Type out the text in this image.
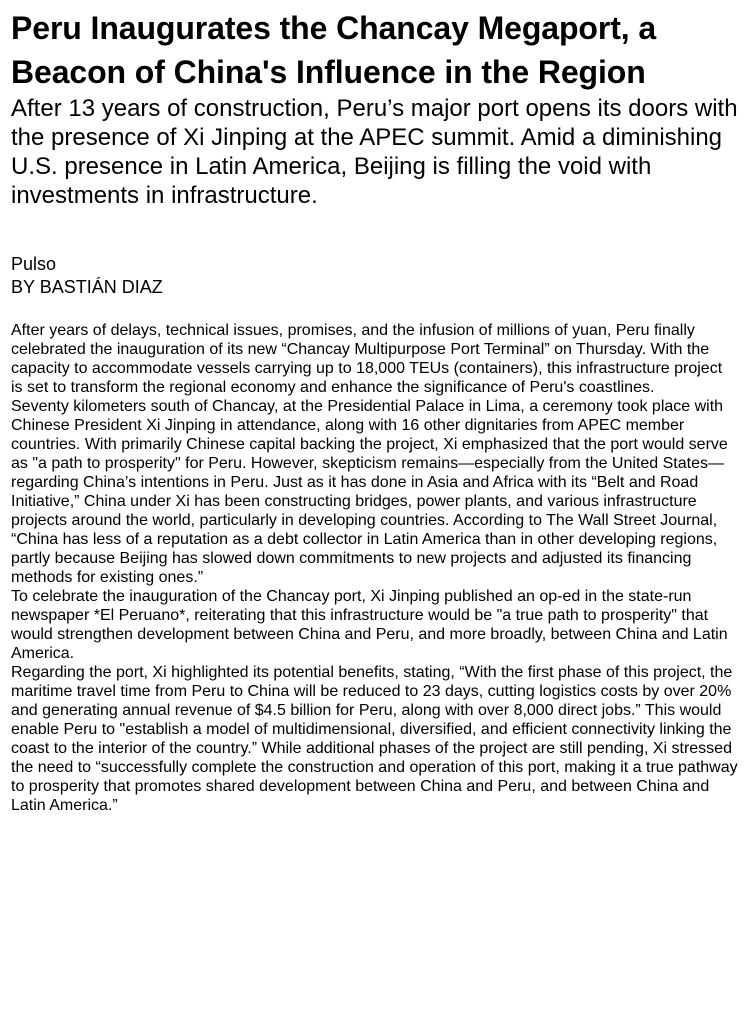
Peru Inaugurates the Chancay Megaport, a Beacon of China's Influence in the Region
After 13 years of construction, Peru’s major port opens its doors with the presence of Xi Jinping at the APEC summit. Amid a diminishing U.S. presence in Latin America, Beijing is filling the void with investments in infrastructure.

Pulso

BY BASTIÁN DIAZ

After years of delays, technical issues, promises, and the infusion of millions of yuan, Peru finally celebrated the inauguration of its new “Chancay Multipurpose Port Terminal” on Thursday. With the capacity to accommodate vessels carrying up to 18,000 TEUs (containers), this infrastructure project is set to transform the regional economy and enhance the significance of Peru's coastlines.

Seventy kilometers south of Chancay, at the Presidential Palace in Lima, a ceremony took place with Chinese President Xi Jinping in attendance, along with 16 other dignitaries from APEC member countries. With primarily Chinese capital backing the project, Xi emphasized that the port would serve as "a path to prosperity" for Peru. However, skepticism remains—especially from the United States—regarding China’s intentions in Peru. Just as it has done in Asia and Africa with its “Belt and Road Initiative,” China under Xi has been constructing bridges, power plants, and various infrastructure projects around the world, particularly in developing countries. According to The Wall Street Journal, “China has less of a reputation as a debt collector in Latin America than in other developing regions, partly because Beijing has slowed down commitments to new projects and adjusted its financing methods for existing ones.”

To celebrate the inauguration of the Chancay port, Xi Jinping published an op-ed in the state-run newspaper *El Peruano*, reiterating that this infrastructure would be "a true path to prosperity" that would strengthen development between China and Peru, and more broadly, between China and Latin America.

Regarding the port, Xi highlighted its potential benefits, stating, “With the first phase of this project, the maritime travel time from Peru to China will be reduced to 23 days, cutting logistics costs by over 20% and generating annual revenue of $4.5 billion for Peru, along with over 8,000 direct jobs.” This would enable Peru to "establish a model of multidimensional, diversified, and efficient connectivity linking the coast to the interior of the country.” While additional phases of the project are still pending, Xi stressed the need to “successfully complete the construction and operation of this port, making it a true pathway to prosperity that promotes shared development between China and Peru, and between China and Latin America.”
